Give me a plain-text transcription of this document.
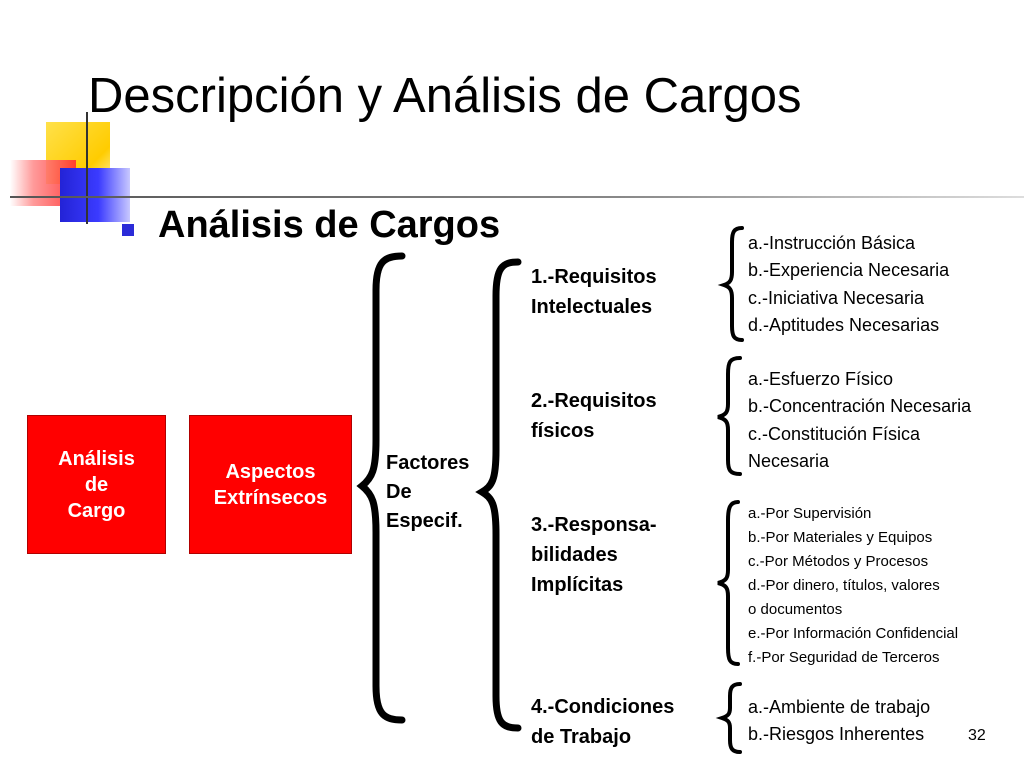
Descripción y Análisis de Cargos
Análisis de Cargos
Análisis
de
Cargo
Aspectos
Extrínsecos
Factores
De
Especif.
1.-Requisitos
Intelectuales
2.-Requisitos
físicos
3.-Responsa-
bilidades
Implícitas
4.-Condiciones
de Trabajo
a.-Instrucción Básica
b.-Experiencia Necesaria
c.-Iniciativa Necesaria
d.-Aptitudes Necesarias
a.-Esfuerzo Físico
b.-Concentración Necesaria
c.-Constitución Física
Necesaria
a.-Por Supervisión
b.-Por Materiales y Equipos
c.-Por Métodos y Procesos
d.-Por dinero, títulos, valores
o documentos
e.-Por Información Confidencial
f.-Por Seguridad de Terceros
a.-Ambiente de trabajo
b.-Riesgos Inherentes	32
